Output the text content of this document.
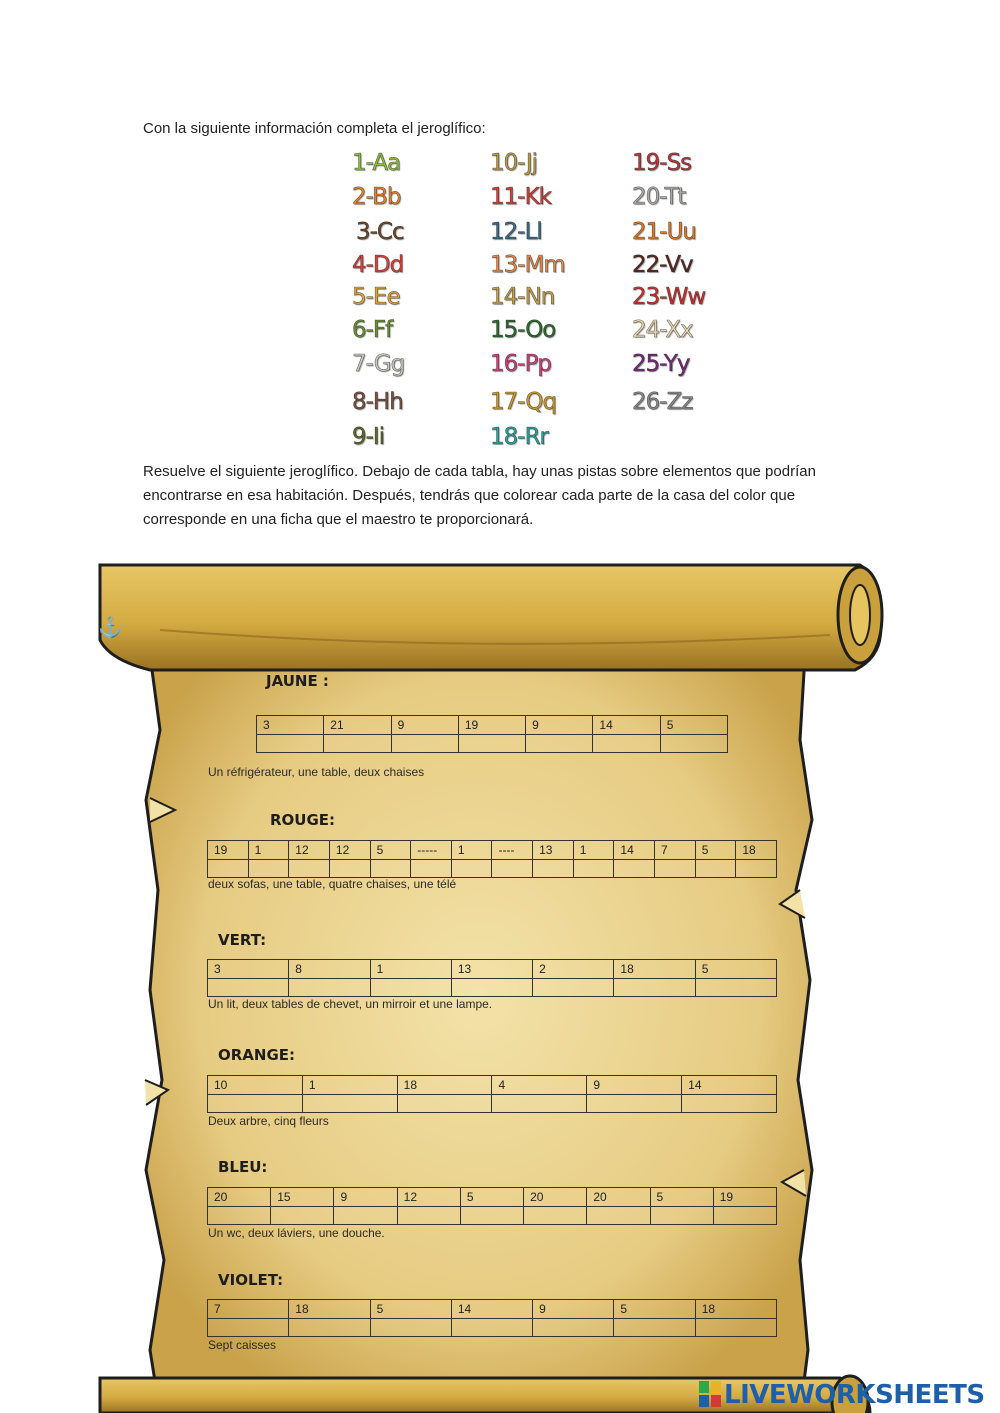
Con la siguiente información completa el jeroglífico:
1-Aa
2-Bb
3-Cc
4-Dd
5-Ee
6-Ff
7-Gg
8-Hh
9-Ii
10-Jj
11-Kk
12-Ll
13-Mm
14-Nn
15-Oo
16-Pp
17-Qq
18-Rr
19-Ss
20-Tt
21-Uu
22-Vv
23-Ww
24-Xx
25-Yy
26-Zz
Resuelve el siguiente jeroglífico. Debajo de cada tabla, hay unas pistas sobre elementos que podrían encontrarse en esa habitación. Después, tendrás que colorear cada parte de la casa del color que corresponde en una ficha que el maestro te proporcionará.
⚓
JAUNE :
3	21	9	19	9	14	5

Un réfrigérateur, une table, deux chaises
ROUGE:
19	1	12	12	5	-----	1	----	13	1	14	7	5	18

deux sofas, une table, quatre chaises, une télé
VERT:
3	8	1	13	2	18	5

Un lit, deux tables de chevet, un mirroir et une lampe.
ORANGE:
10	1	18	4	9	14

Deux arbre, cinq fleurs
BLEU:
20	15	9	12	5	20	20	5	19

Un wc, deux láviers, une douche.
VIOLET:
7	18	5	14	9	5	18

Sept caisses
LIVEWORKSHEETS
